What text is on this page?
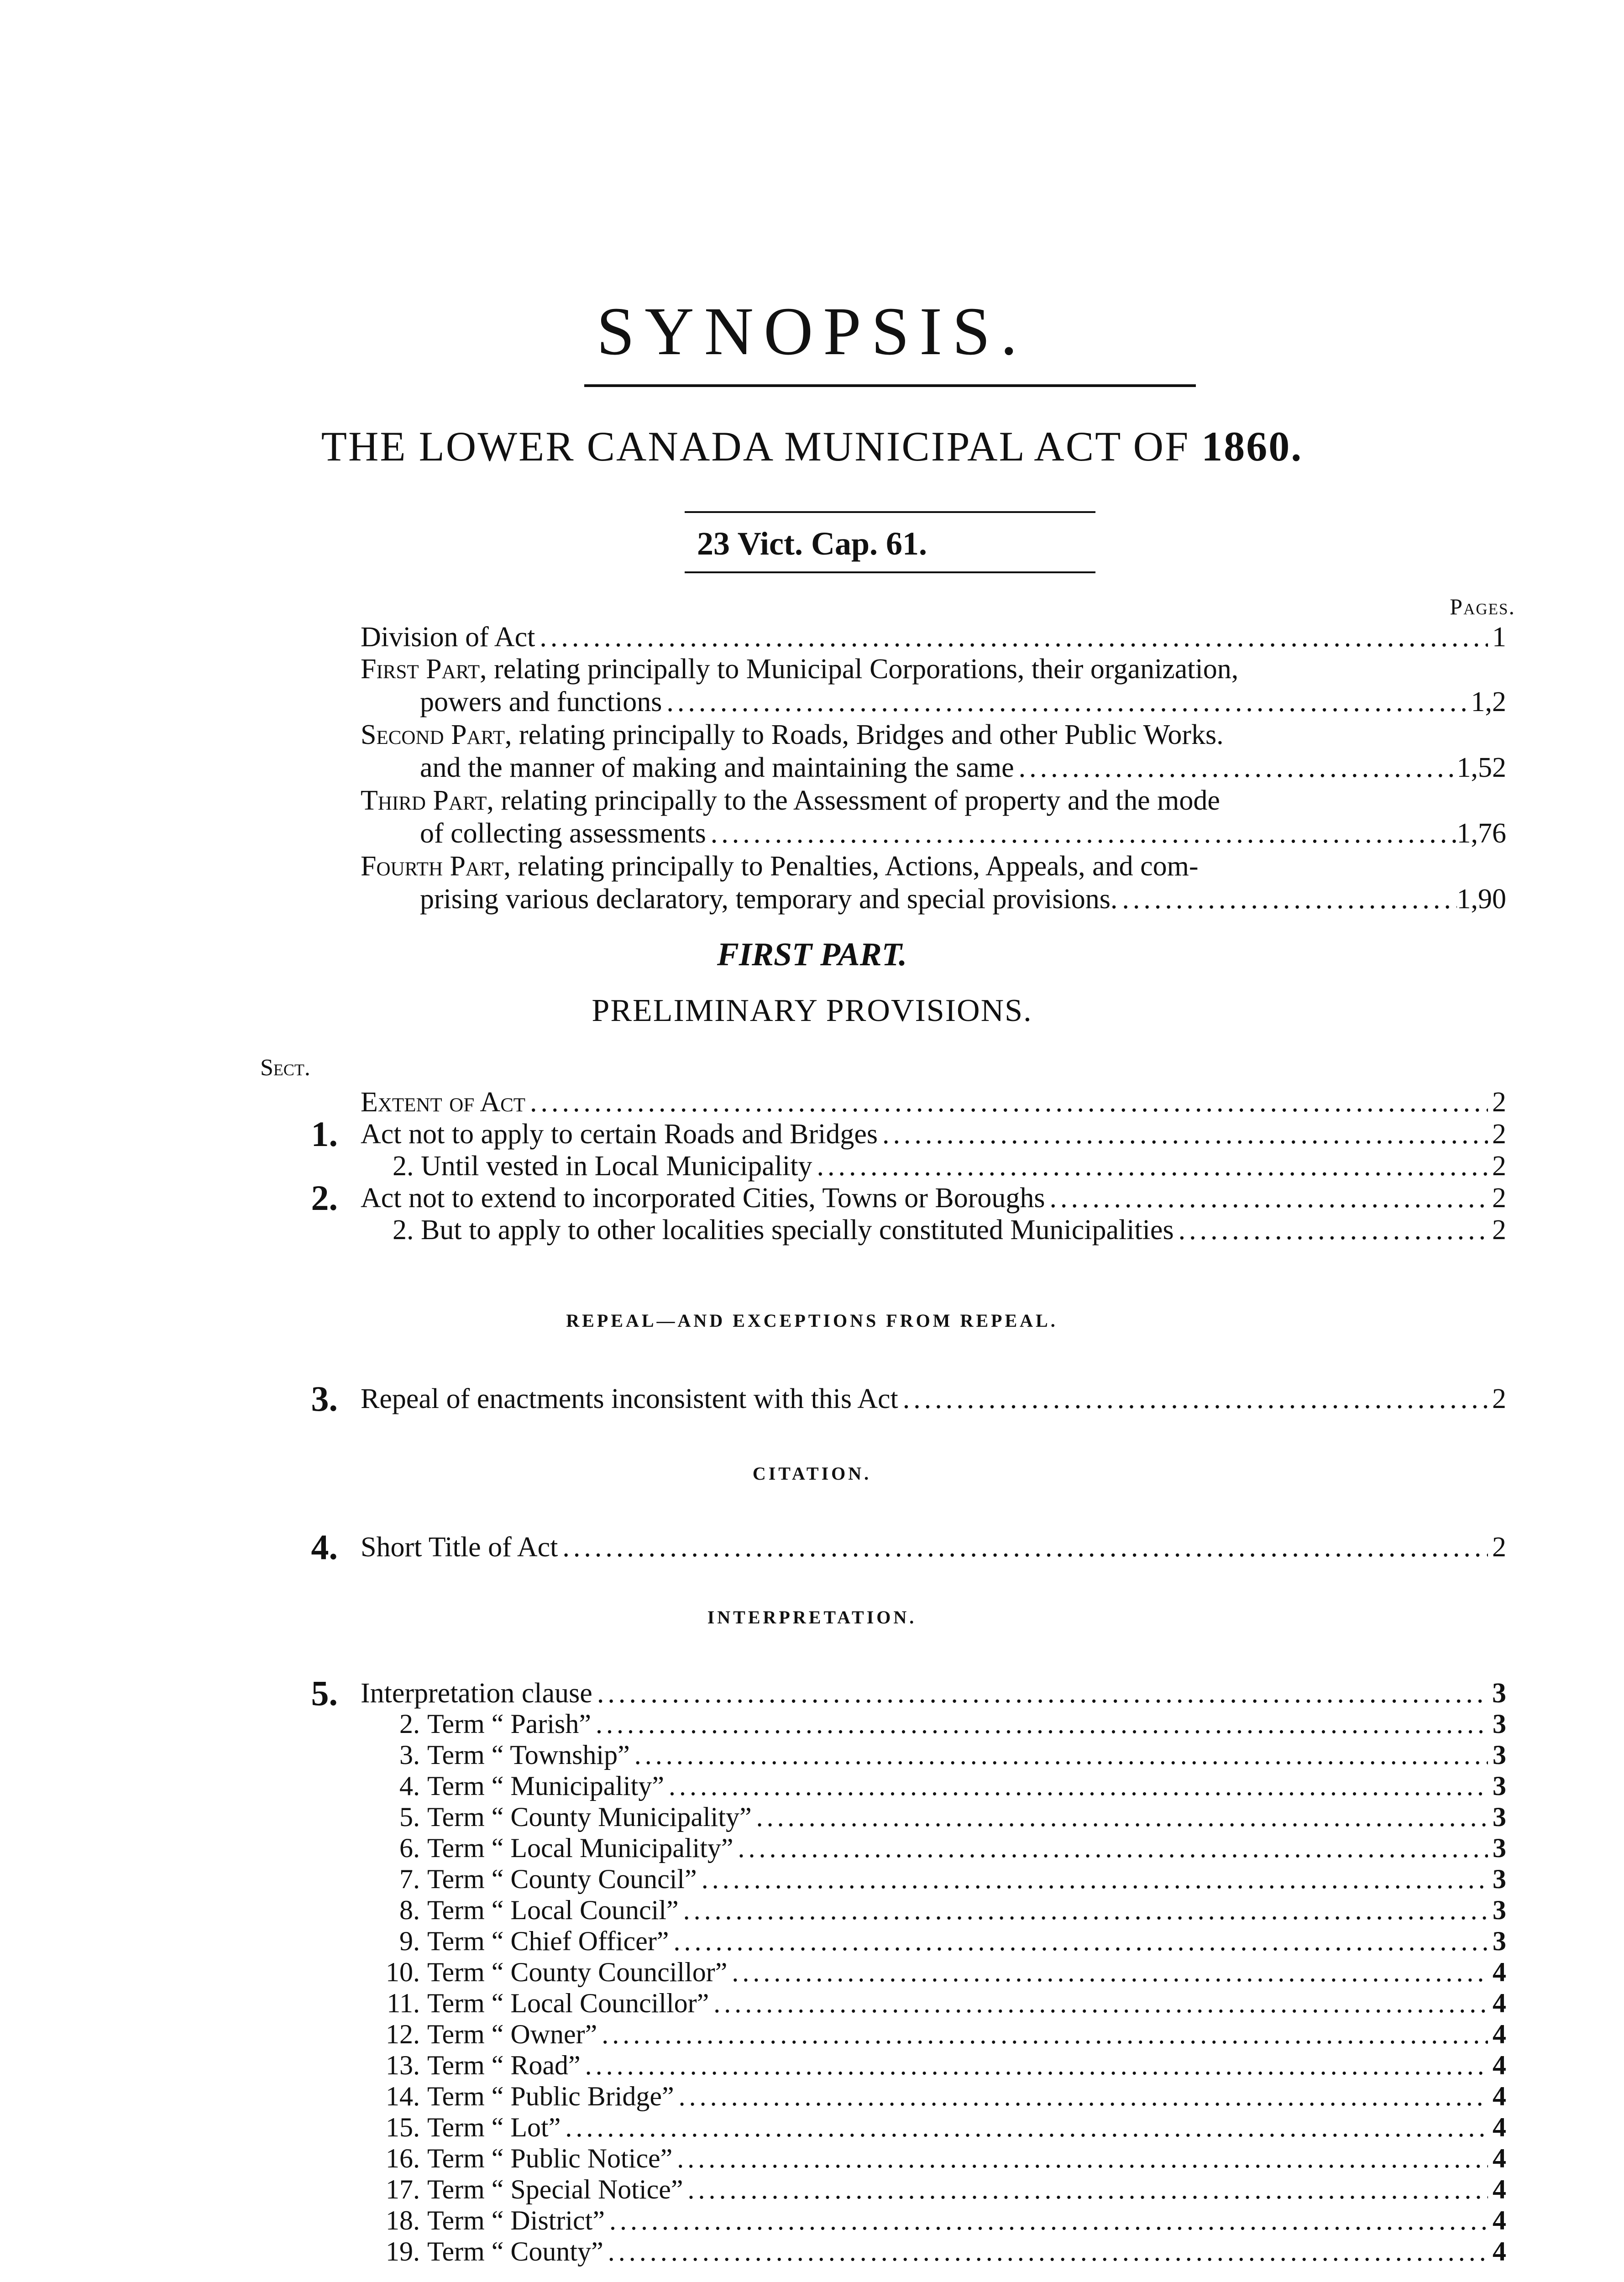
SYNOPSIS.
THE LOWER CANADA MUNICIPAL ACT OF 1860.
23 Vict. Cap. 61.
Pages.
Division of Act .....	1
First Part, relating principally to Municipal Corporations, their organization,
powers and functions .....	1,2
Second Part, relating principally to Roads, Bridges and other Public Works.
and the manner of making and maintaining the same .....	1,52
Third Part, relating principally to the Assessment of property and the mode
of collecting assessments .....	1,76
Fourth Part, relating principally to Penalties, Actions, Appeals, and com-
prising various declaratory, temporary and special provisions. .....	1,90
FIRST PART.
PRELIMINARY PROVISIONS.
Sect.
Extent of Act .....	2
1. Act not to apply to certain Roads and Bridges .....	2
2. Until vested in Local Municipality .....	2
2. Act not to extend to incorporated Cities, Towns or Boroughs .....	2
2. But to apply to other localities specially constituted Municipalities .....	2
REPEAL—AND EXCEPTIONS FROM REPEAL.
3. Repeal of enactments inconsistent with this Act .....	2
CITATION.
4. Short Title of Act .....	2
INTERPRETATION.
5. Interpretation clause .....	3
2. Term “ Parish” .....	3
3. Term “ Township” .....	3
4. Term “ Municipality” .....	3
5. Term “ County Municipality” .....	3
6. Term “ Local Municipality” .....	3
7. Term “ County Council” .....	3
8. Term “ Local Council” .....	3
9. Term “ Chief Officer” .....	3
10. Term “ County Councillor” .....	4
11. Term “ Local Councillor” .....	4
12. Term “ Owner” .....	4
13. Term “ Road” .....	4
14. Term “ Public Bridge” .....	4
15. Term “ Lot” .....	4
16. Term “ Public Notice” .....	4
17. Term “ Special Notice” .....	4
18. Term “ District” .....	4
19. Term “ County” .....	4
